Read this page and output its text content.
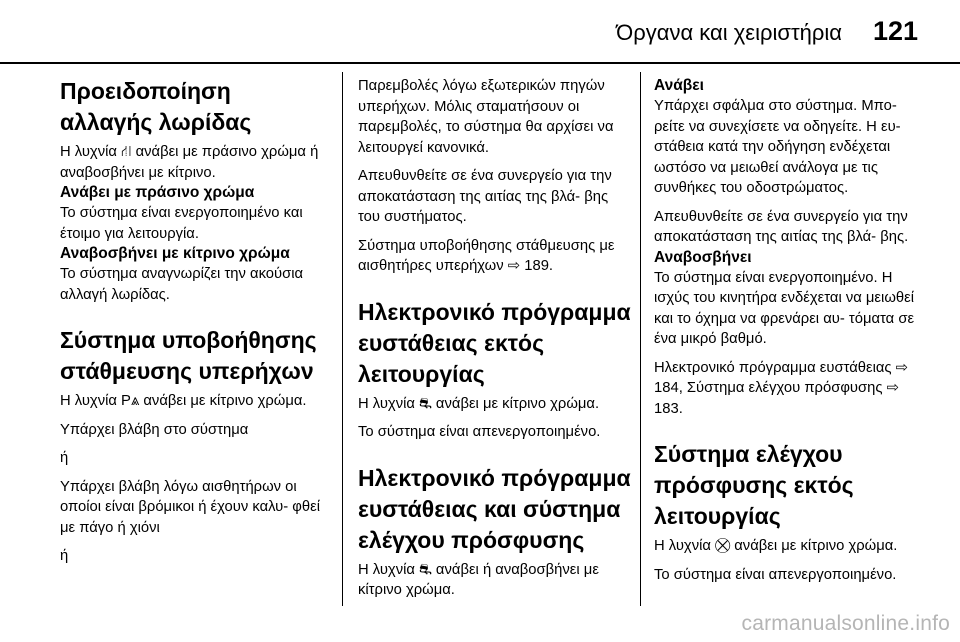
Όργανα και χειριστήρια 121
Προειδοποίηση αλλαγής λωρίδας

Η λυχνία ⛙ ανάβει με πράσινο χρώμα ή αναβοσβήνει με κίτρινο.

Ανάβει με πράσινο χρώμα

Το σύστημα είναι ενεργοποιημένο και έτοιμο για λειτουργία.

Αναβοσβήνει με κίτρινο χρώμα

Το σύστημα αναγνωρίζει την ακούσια αλλαγή λωρίδας.

Σύστημα υποβοήθησης στάθμευσης υπερήχων

Η λυχνία P⩓ ανάβει με κίτρινο χρώμα.

Υπάρχει βλάβη στο σύστημα

ή

Υπάρχει βλάβη λόγω αισθητήρων οι οποίοι είναι βρόμικοι ή έχουν καλυ- φθεί με πάγο ή χιόνι

ή

Παρεμβολές λόγω εξωτερικών πηγών υπερήχων. Μόλις σταματήσουν οι παρεμβολές, το σύστημα θα αρχίσει να λειτουργεί κανονικά.

Απευθυνθείτε σε ένα συνεργείο για την αποκατάσταση της αιτίας της βλά- βης του συστήματος.

Σύστημα υποβοήθησης στάθμευσης με αισθητήρες υπερήχων ⇨ 189.

Ηλεκτρονικό πρόγραμμα ευστάθειας εκτός λειτουργίας

Η λυχνία ⛐ ανάβει με κίτρινο χρώμα.

Το σύστημα είναι απενεργοποιημένο.

Ηλεκτρονικό πρόγραμμα ευστάθειας και σύστημα ελέγχου πρόσφυσης

Η λυχνία ⛐ ανάβει ή αναβοσβήνει με κίτρινο χρώμα.

Ανάβει

Υπάρχει σφάλμα στο σύστημα. Μπο- ρείτε να συνεχίσετε να οδηγείτε. Η ευ- στάθεια κατά την οδήγηση ενδέχεται ωστόσο να μειωθεί ανάλογα με τις συνθήκες του οδοστρώματος.

Απευθυνθείτε σε ένα συνεργείο για την αποκατάσταση της αιτίας της βλά- βης.

Αναβοσβήνει

Το σύστημα είναι ενεργοποιημένο. Η ισχύς του κινητήρα ενδέχεται να μειωθεί και το όχημα να φρενάρει αυ- τόματα σε ένα μικρό βαθμό.

Ηλεκτρονικό πρόγραμμα ευστάθειας ⇨ 184, Σύστημα ελέγχου πρόσφυσης ⇨ 183.

Σύστημα ελέγχου πρόσφυσης εκτός λειτουργίας

Η λυχνία ⛒ ανάβει με κίτρινο χρώμα.

Το σύστημα είναι απενεργοποιημένο.

carmanualsonline.info
